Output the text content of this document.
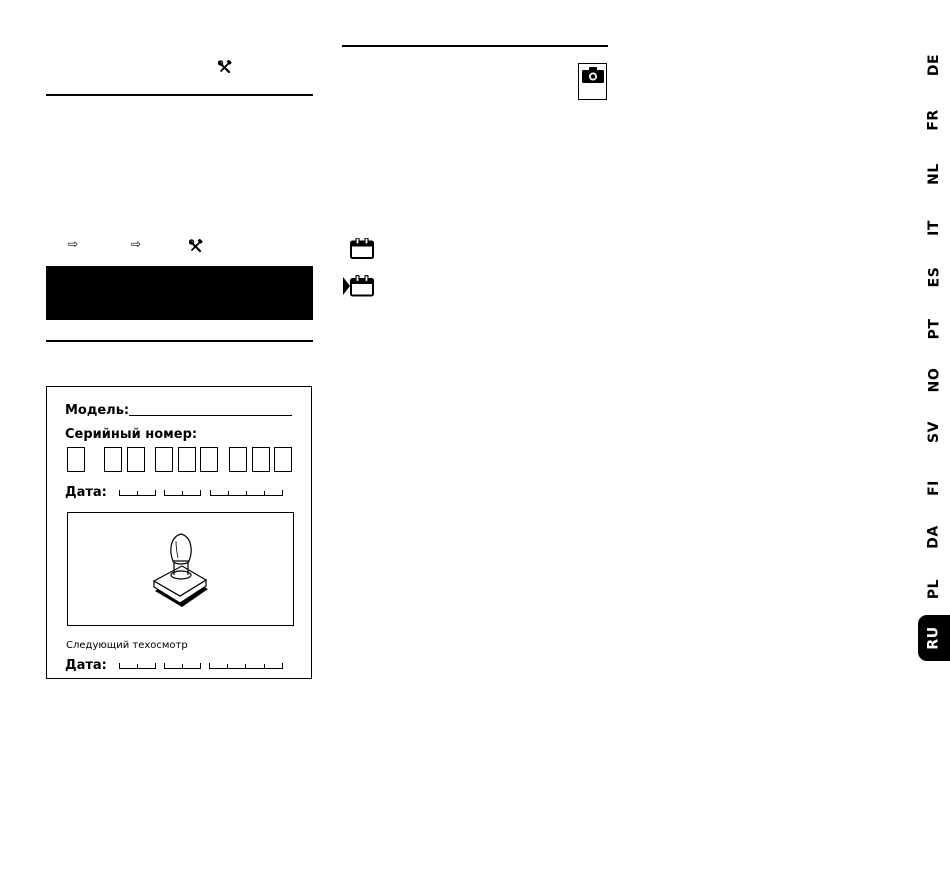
⇨	⇨
Модель:
Серийный номер:
Дата:
Следующий техосмотр
Дата:
DE
FR
NL
IT
ES
PT
NO
SV
FI
DA
PL
RU
